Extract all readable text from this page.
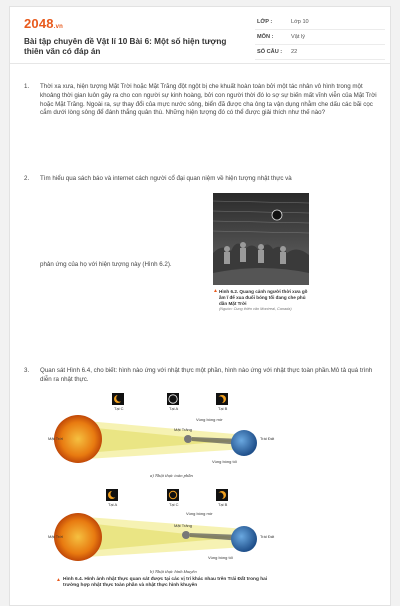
2048.vn
Bài tập chuyên đề Vật lí 10 Bài 6: Một số hiện tượng thiên văn có đáp án
LỚP :	Lớp 10
MÔN :	Vật lý
SỐ CÂU : 22
1. Thời xa xưa, hiện tượng Mặt Trời hoặc Mặt Trăng đột ngột bị che khuất hoàn toàn bởi một tác nhân vô hình trong một khoảng thời gian luôn gây ra cho con người sự kinh hoàng, bởi con người thời đó lo sợ sự biến mất vĩnh viễn của Mặt Trời hoặc Mặt Trăng. Ngoài ra, sự thay đổi của mực nước sông, biển đã được cha ông ta vận dụng nhằm che dấu các bãi cọc cắm dưới lòng sông để đánh thắng quân thù. Những hiện tượng đó có thể được giải thích như thế nào?
2. Tìm hiểu qua sách báo và internet cách người cổ đại quan niệm về hiện tượng nhật thực và
phản ứng của họ với hiện tượng này (Hình 6.2).
▲ Hình 6.2. Quang cảnh người thời xưa gõ ầm ĩ để xua đuổi bóng tối đang che phủ dần Mặt Trời
(Nguồn: Cung thiên văn Montreal, Canada)
3. Quan sát Hình 6.4, cho biết: hình nào ứng với nhật thực một phần, hình nào ứng với nhật thực toàn phần.Mô tả quá trình diễn ra nhật thực.
Tại C	Tại A	Tại B
Mặt Trời	Trái Đất
Mặt Trăng
Vùng bóng mờ
Vùng bóng tối
a) Nhật thực toàn phần
Tại A	Tại C	Tại B
Mặt Trời	Trái Đất
Mặt Trăng
Vùng bóng mờ
Vùng bóng tối
b) Nhật thực hình khuyên
▲ Hình 6.4. Hình ảnh nhật thực quan sát được tại các vị trí khác nhau trên Trái Đất trong hai trường hợp nhật thực toàn phần và nhật thực hình khuyên
